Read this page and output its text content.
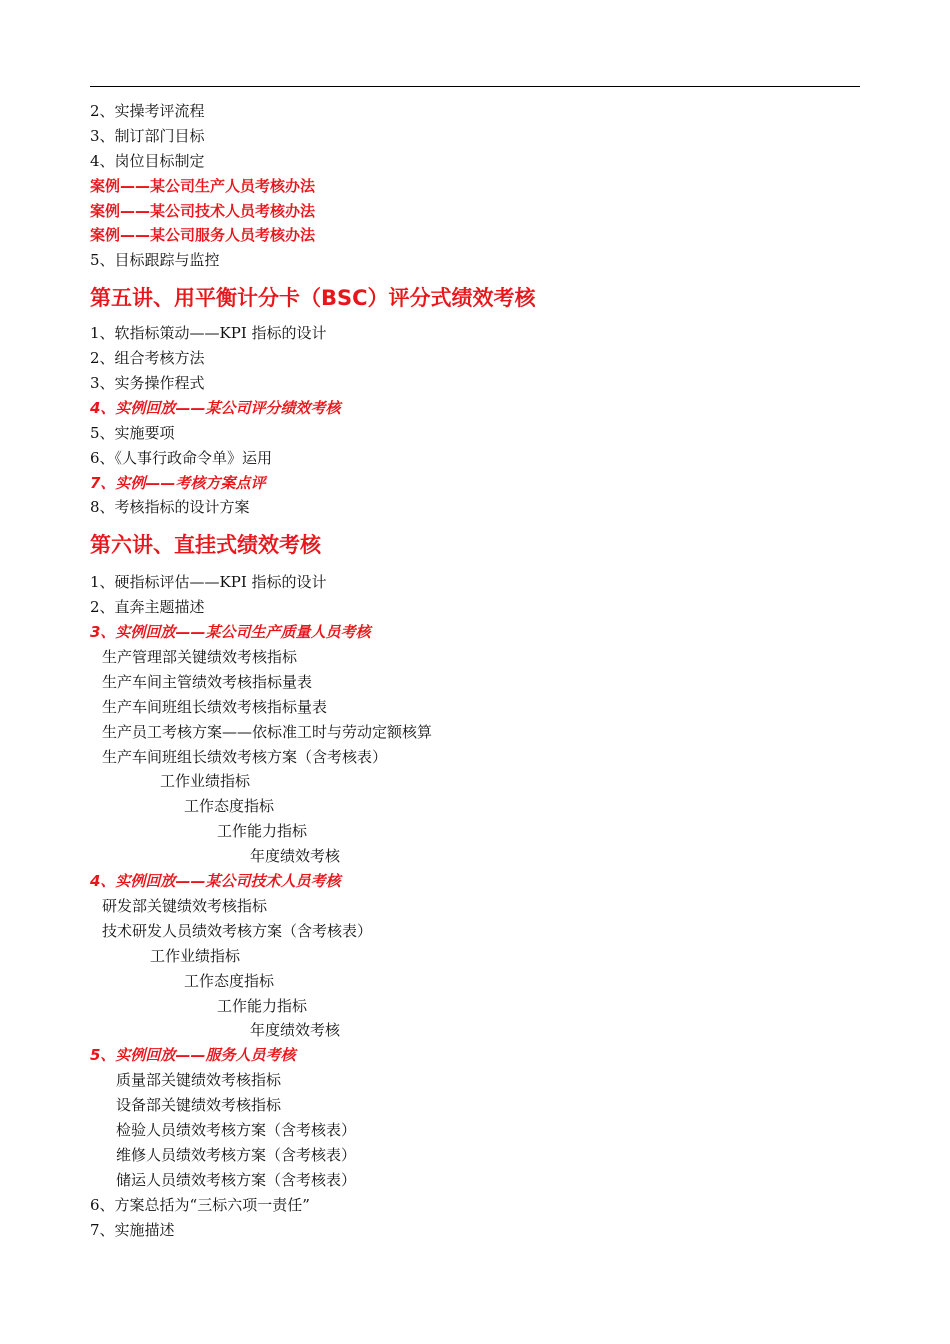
2、实操考评流程
3、制订部门目标
4、岗位目标制定
案例——某公司生产人员考核办法
案例——某公司技术人员考核办法
案例——某公司服务人员考核办法
5、目标跟踪与监控
第五讲、用平衡计分卡（BSC）评分式绩效考核
1、软指标策动——KPI 指标的设计
2、组合考核方法
3、实务操作程式
4、实例回放——某公司评分绩效考核
5、实施要项
6、《人事行政命令单》运用
7、实例——考核方案点评
8、考核指标的设计方案
第六讲、直挂式绩效考核
1、硬指标评估——KPI 指标的设计
2、直奔主题描述
3、实例回放——某公司生产质量人员考核
生产管理部关键绩效考核指标
生产车间主管绩效考核指标量表
生产车间班组长绩效考核指标量表
生产员工考核方案——依标准工时与劳动定额核算
生产车间班组长绩效考核方案（含考核表）
工作业绩指标
工作态度指标
工作能力指标
年度绩效考核
4、实例回放——某公司技术人员考核
研发部关键绩效考核指标
技术研发人员绩效考核方案（含考核表）
工作业绩指标
工作态度指标
工作能力指标
年度绩效考核
5、实例回放——服务人员考核
质量部关键绩效考核指标
设备部关键绩效考核指标
检验人员绩效考核方案（含考核表）
维修人员绩效考核方案（含考核表）
储运人员绩效考核方案（含考核表）
6、方案总括为“三标六项一责任”
7、实施描述
